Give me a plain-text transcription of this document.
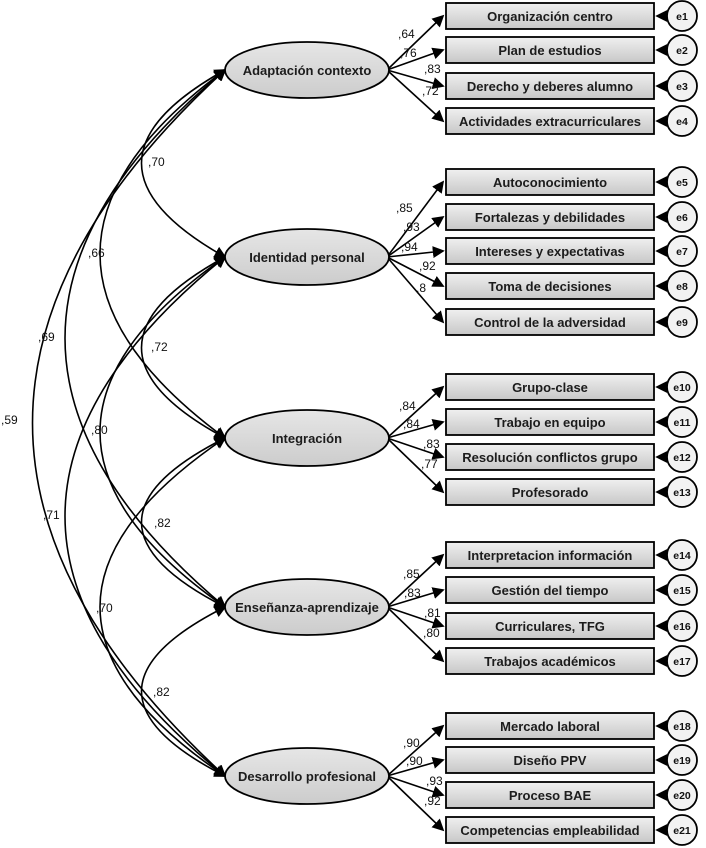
,70
,72
,82
,82
,66
,80
,70
,69
,71
,59
Adaptación contexto
,64
,76
,83
,72
Organización centro
Plan de estudios
Derecho y deberes alumno
Actividades extracurriculares
e1
e2
e3
e4
Identidad personal
,85
,93
,94
,92
,8
Autoconocimiento
Fortalezas y debilidades
Intereses y expectativas
Toma de decisiones
Control de la adversidad
e5
e6
e7
e8
e9
Integración
,84
,84
,83
,77
Grupo-clase
Trabajo en equipo
Resolución conflictos grupo
Profesorado
e10
e11
e12
e13
Enseñanza-aprendizaje
,85
,83
,81
,80
Interpretacion información
Gestión del tiempo
Curriculares, TFG
Trabajos académicos
e14
e15
e16
e17
Desarrollo profesional
,90
,90
,93
,92
Mercado laboral
Diseño PPV
Proceso BAE
Competencias empleabilidad
e18
e19
e20
e21
